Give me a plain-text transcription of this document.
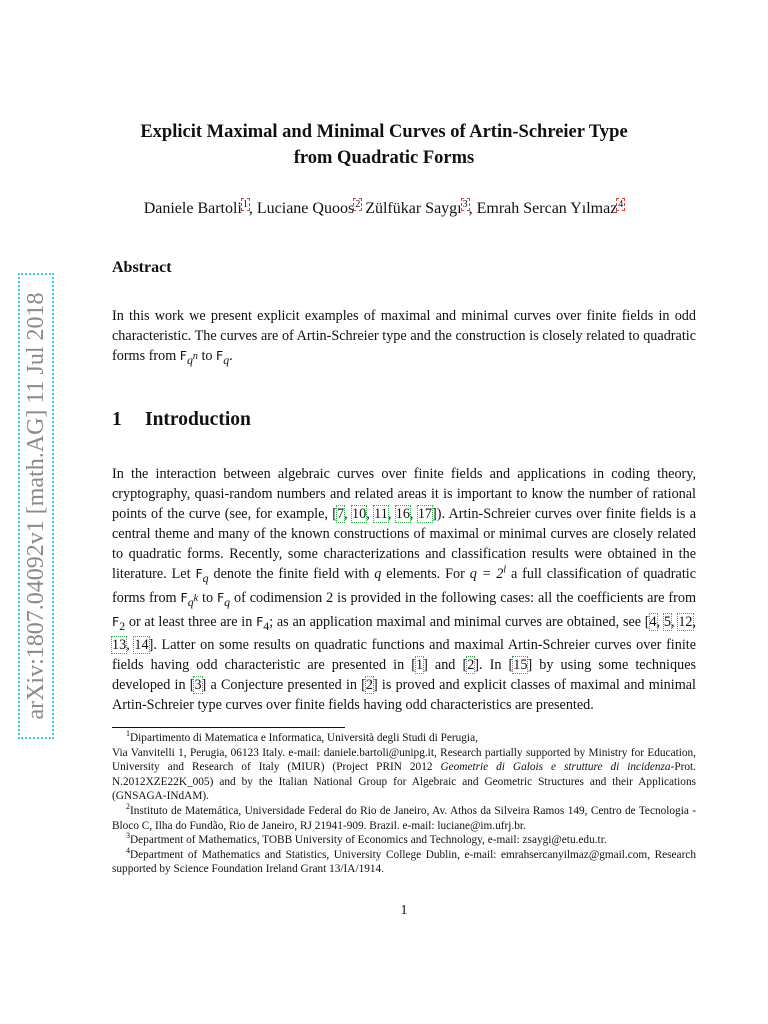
arXiv:1807.04092v1 [math.AG] 11 Jul 2018
Explicit Maximal and Minimal Curves of Artin-Schreier Type
from Quadratic Forms
Daniele Bartoli$^1$, Luciane Quoos$^2$ Zülfükar Saygı$^3$, Emrah Sercan Yılmaz$^4$
Abstract
In this work we present explicit examples of maximal and minimal curves over finite fields in odd characteristic. The curves are of Artin-Schreier type and the construction is closely related to quadratic forms from $F_{q^n}$ to $F_q$.
1 Introduction
In the interaction between algebraic curves over finite fields and applications in coding theory, cryptography, quasi-random numbers and related areas it is important to know the number of rational points of the curve (see, for example, [7, 10, 11, 16, 17]). Artin-Schreier curves over finite fields is a central theme and many of the known constructions of maximal or minimal curves are closely related to quadratic forms. Recently, some characterizations and classification results were obtained in the literature. Let $F_q$ denote the finite field with q elements. For $q = 2^l$ a full classification of quadratic forms from $F_{q^k}$ to $F_q$ of codimension 2 is provided in the following cases: all the coefficients are from $F_2$ or at least three are in $F_4$; as an application maximal and minimal curves are obtained, see [4, 5, 12, 13, 14]. Latter on some results on quadratic functions and maximal Artin-Schreier curves over finite fields having odd characteristic are presented in [1] and [2]. In [15] by using some techniques developed in [3] a Conjecture presented in [2] is proved and explicit classes of maximal and minimal Artin-Schreier type curves over finite fields having odd characteristics are presented.

$^1$Dipartimento di Matematica e Informatica, Università degli Studi di Perugia,
Via Vanvitelli 1, Perugia, 06123 Italy. e-mail: daniele.bartoli@unipg.it, Research partially supported by Ministry for Education, University and Research of Italy (MIUR) (Project PRIN 2012 Geometrie di Galois e strutture di incidenza-Prot. N.2012XZE22K_005) and by the Italian National Group for Algebraic and Geometric Structures and their Applications (GNSAGA-INdAM).

$^2$Instituto de Matemática, Universidade Federal do Rio de Janeiro, Av. Athos da Silveira Ramos 149, Centro de Tecnologia - Bloco C, Ilha do Fundão, Rio de Janeiro, RJ 21941-909. Brazil. e-mail: luciane@im.ufrj.br.

$^3$Department of Mathematics, TOBB University of Economics and Technology, e-mail: zsaygi@etu.edu.tr.

$^4$Department of Mathematics and Statistics, University College Dublin, e-mail: emrahsercanyilmaz@gmail.com, Research supported by Science Foundation Ireland Grant 13/IA/1914.

1
